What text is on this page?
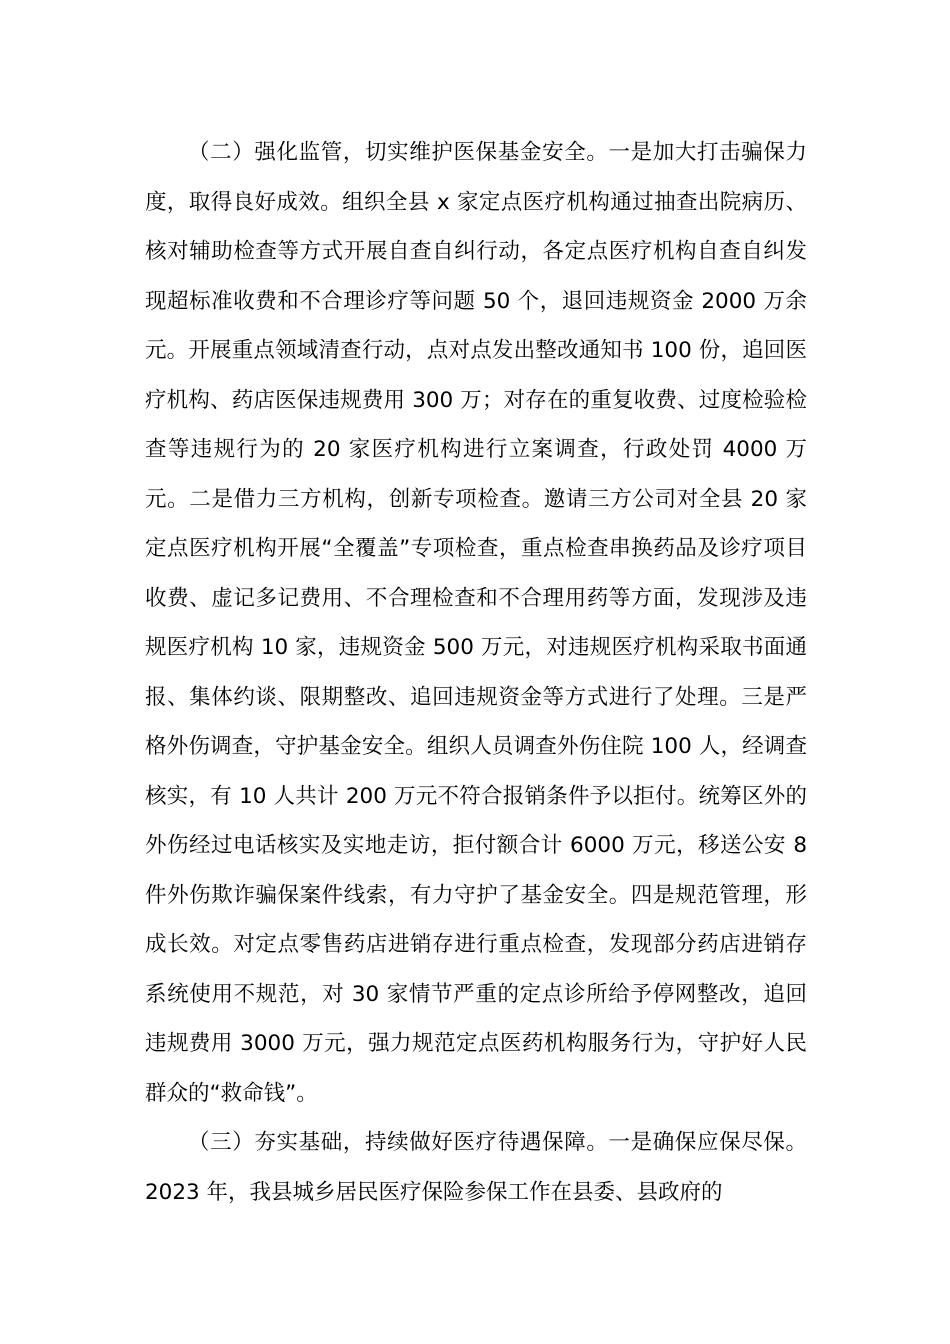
（二）强化监管，切实维护医保基金安全。一是加大打击骗保力度，取得良好成效。组织全县 x 家定点医疗机构通过抽查出院病历、核对辅助检查等方式开展自查自纠行动，各定点医疗机构自查自纠发现超标准收费和不合理诊疗等问题 50 个，退回违规资金 2000 万余元。开展重点领域清查行动，点对点发出整改通知书 100 份，追回医疗机构、药店医保违规费用 300 万；对存在的重复收费、过度检验检查等违规行为的 20 家医疗机构进行立案调查，行政处罚 4000 万元。二是借力三方机构，创新专项检查。邀请三方公司对全县 20 家定点医疗机构开展“全覆盖”专项检查，重点检查串换药品及诊疗项目收费、虚记多记费用、不合理检查和不合理用药等方面，发现涉及违规医疗机构 10 家，违规资金 500 万元，对违规医疗机构采取书面通报、集体约谈、限期整改、追回违规资金等方式进行了处理。三是严格外伤调查，守护基金安全。组织人员调查外伤住院 100 人，经调查核实，有 10 人共计 200 万元不符合报销条件予以拒付。统筹区外的外伤经过电话核实及实地走访，拒付额合计 6000 万元，移送公安 8 件外伤欺诈骗保案件线索，有力守护了基金安全。四是规范管理，形成长效。对定点零售药店进销存进行重点检查，发现部分药店进销存系统使用不规范，对 30 家情节严重的定点诊所给予停网整改，追回违规费用 3000 万元，强力规范定点医药机构服务行为，守护好人民群众的“救命钱”。

（三）夯实基础，持续做好医疗待遇保障。一是确保应保尽保。2023 年，我县城乡居民医疗保险参保工作在县委、县政府的
